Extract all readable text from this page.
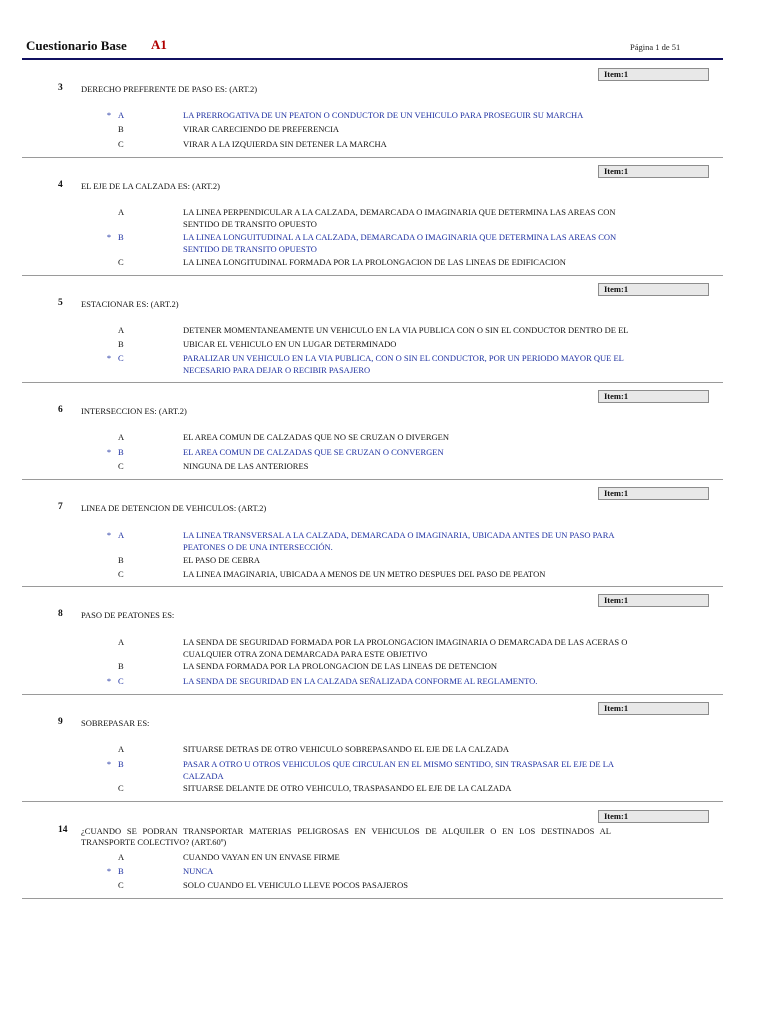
Cuestionario Base A1	Página 1 de 51
Item:1
3 DERECHO PREFERENTE DE PASO ES: (ART.2)
* A	LA PRERROGATIVA DE UN PEATON O CONDUCTOR DE UN VEHICULO PARA PROSEGUIR SU MARCHA
B	VIRAR CARECIENDO DE PREFERENCIA
C	VIRAR A LA IZQUIERDA SIN DETENER LA MARCHA
Item:1
4 EL EJE DE LA CALZADA ES: (ART.2)
A	LA LINEA PERPENDICULAR A LA CALZADA, DEMARCADA O IMAGINARIA QUE DETERMINA LAS AREAS CON SENTIDO DE TRANSITO OPUESTO
* B	LA LINEA LONGUITUDINAL A LA CALZADA, DEMARCADA O IMAGINARIA QUE DETERMINA LAS AREAS CON SENTIDO DE TRANSITO OPUESTO
C	LA LINEA LONGITUDINAL FORMADA POR LA PROLONGACION DE LAS LINEAS DE EDIFICACION
Item:1
5 ESTACIONAR ES: (ART.2)
A	DETENER MOMENTANEAMENTE UN VEHICULO EN LA VIA PUBLICA CON O SIN EL CONDUCTOR DENTRO DE EL
B	UBICAR EL VEHICULO EN UN LUGAR DETERMINADO
* C	PARALIZAR UN VEHICULO EN LA VIA PUBLICA, CON O SIN EL CONDUCTOR, POR UN PERIODO MAYOR QUE EL NECESARIO PARA DEJAR O RECIBIR PASAJERO
Item:1
6 INTERSECCION ES: (ART.2)
A	EL AREA COMUN DE CALZADAS QUE NO SE CRUZAN O DIVERGEN
* B	EL AREA COMUN DE CALZADAS QUE SE CRUZAN O CONVERGEN
C	NINGUNA DE LAS ANTERIORES
Item:1
7 LINEA DE DETENCION DE VEHICULOS: (ART.2)
* A	LA LINEA TRANSVERSAL A LA CALZADA, DEMARCADA O IMAGINARIA, UBICADA ANTES DE UN PASO PARA PEATONES O DE UNA INTERSECCIÓN.
B	EL PASO DE CEBRA
C	LA LINEA IMAGINARIA, UBICADA A MENOS DE UN METRO DESPUES DEL PASO DE PEATON
Item:1
8 PASO DE PEATONES ES:
A	LA SENDA DE SEGURIDAD FORMADA POR LA PROLONGACION IMAGINARIA O DEMARCADA DE LAS ACERAS O CUALQUIER OTRA ZONA DEMARCADA PARA ESTE OBJETIVO
B	LA SENDA FORMADA POR LA PROLONGACION DE LAS LINEAS DE DETENCION
* C	LA SENDA DE SEGURIDAD EN LA CALZADA SEÑALIZADA CONFORME AL REGLAMENTO.
Item:1
9 SOBREPASAR ES:
A	SITUARSE DETRAS DE OTRO VEHICULO SOBREPASANDO EL EJE DE LA CALZADA
* B	PASAR A OTRO U OTROS VEHICULOS QUE CIRCULAN EN EL MISMO SENTIDO, SIN TRASPASAR EL EJE DE LA CALZADA
C	SITUARSE DELANTE DE OTRO VEHICULO, TRASPASANDO EL EJE DE LA CALZADA
Item:1
14 ¿CUANDO SE PODRAN TRANSPORTAR MATERIAS PELIGROSAS EN VEHICULOS DE ALQUILER O EN LOS DESTINADOS AL TRANSPORTE COLECTIVO? (ART.60º)
A	CUANDO VAYAN EN UN ENVASE FIRME
* B	NUNCA
C	SOLO CUANDO EL VEHICULO LLEVE POCOS PASAJEROS
